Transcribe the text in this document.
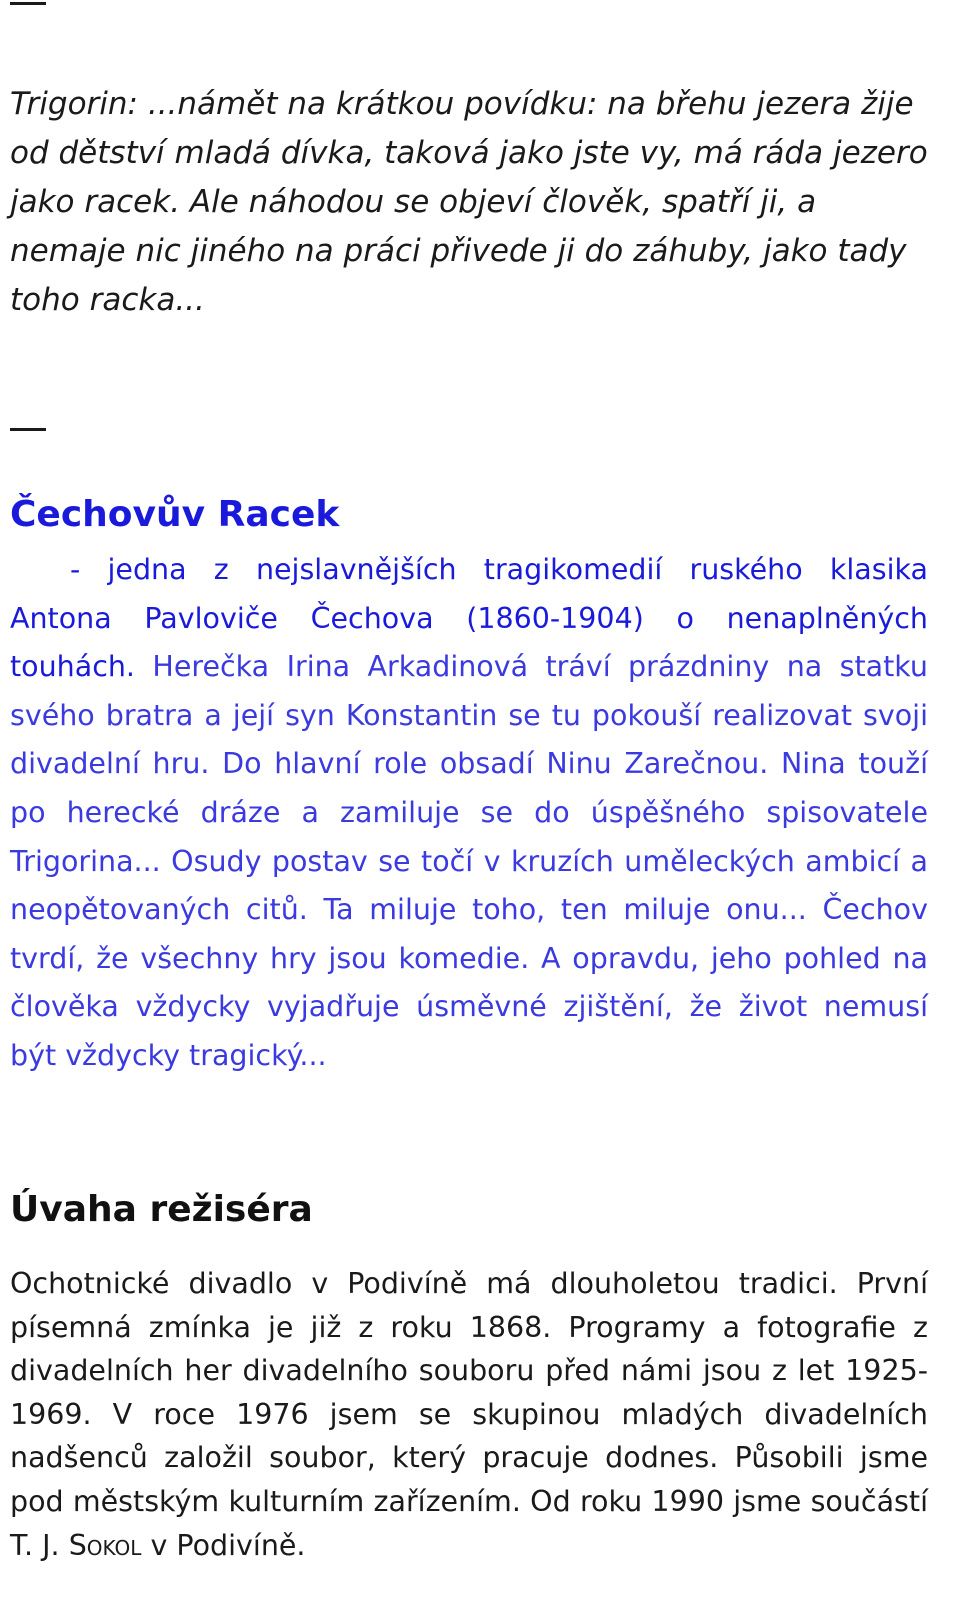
Trigorin: ...námět na krátkou povídku: na břehu jezera žije od dětství mladá dívka, taková jako jste vy, má ráda jezero jako racek. Ale náhodou se objeví člověk, spatří ji, a nemaje nic jiného na práci přivede ji do záhuby, jako tady toho racka...

Čechovův Racek

- jedna z nejslavnějších tragikomedií ruského klasika Antona Pavloviče Čechova (1860-1904) o nenaplněných touhách. Herečka Irina Arkadinová tráví prázdniny na statku svého bratra a její syn Konstantin se tu pokouší realizovat svoji divadelní hru. Do hlavní role obsadí Ninu Zarečnou. Nina touží po herecké dráze a zamiluje se do úspěšného spisovatele Trigorina... Osudy postav se točí v kruzích uměleckých ambicí a neopětovaných citů. Ta miluje toho, ten miluje onu... Čechov tvrdí, že všechny hry jsou komedie. A opravdu, jeho pohled na člověka vždycky vyjadřuje úsměvné zjištění, že život nemusí být vždycky tragický...

Úvaha režiséra

Ochotnické divadlo v Podivíně má dlouholetou tradici. První písemná zmínka je již z roku 1868. Programy a fotografie z divadelních her divadelního souboru před námi jsou z let 1925-1969. V roce 1976 jsem se skupinou mladých divadelních nadšenců založil soubor, který pracuje dodnes. Působili jsme pod městským kulturním zařízením. Od roku 1990 jsme součástí T. J. Sokol v Podivíně.
